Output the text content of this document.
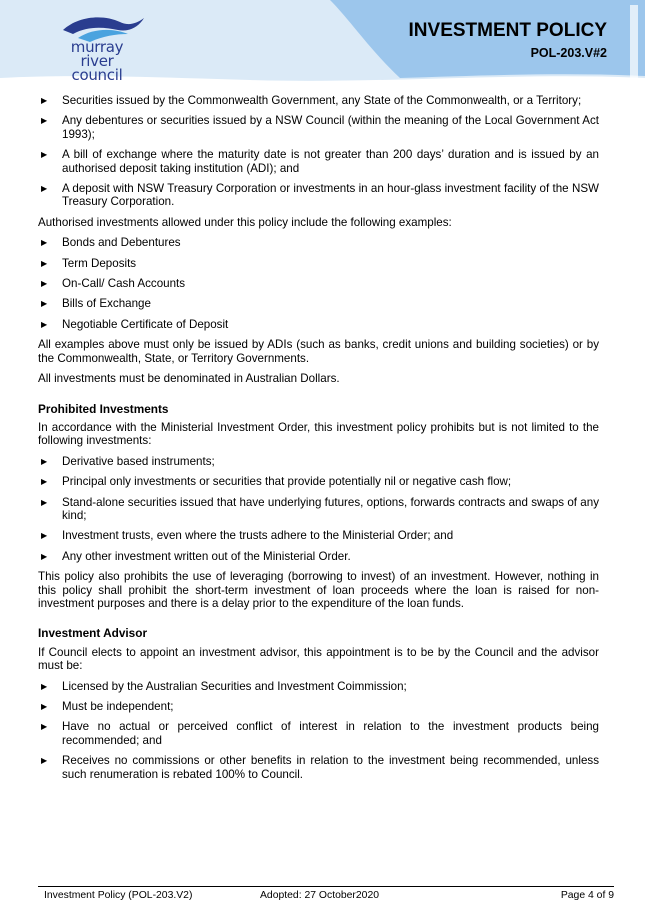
murray river
council
INVESTMENT POLICY
POL-203.V#2
▶ Securities issued by the Commonwealth Government, any State of the Commonwealth, or a Territory;
▶ Any debentures or securities issued by a NSW Council (within the meaning of the Local Government Act 1993);
▶ A bill of exchange where the maturity date is not greater than 200 days’ duration and is issued by an authorised deposit taking institution (ADI); and
▶ A deposit with NSW Treasury Corporation or investments in an hour-glass investment facility of the NSW Treasury Corporation.

Authorised investments allowed under this policy include the following examples:

▶ Bonds and Debentures
▶ Term Deposits
▶ On-Call/ Cash Accounts
▶ Bills of Exchange
▶ Negotiable Certificate of Deposit

All examples above must only be issued by ADIs (such as banks, credit unions and building societies) or by the Commonwealth, State, or Territory Governments.

All investments must be denominated in Australian Dollars.

Prohibited Investments

In accordance with the Ministerial Investment Order, this investment policy prohibits but is not limited to the following investments:

▶ Derivative based instruments;
▶ Principal only investments or securities that provide potentially nil or negative cash flow;
▶ Stand-alone securities issued that have underlying futures, options, forwards contracts and swaps of any kind;
▶ Investment trusts, even where the trusts adhere to the Ministerial Order; and
▶ Any other investment written out of the Ministerial Order.

This policy also prohibits the use of leveraging (borrowing to invest) of an investment. However, nothing in this policy shall prohibit the short-term investment of loan proceeds where the loan is raised for non-investment purposes and there is a delay prior to the expenditure of the loan funds.

Investment Advisor

If Council elects to appoint an investment advisor, this appointment is to be by the Council and the advisor must be:

▶ Licensed by the Australian Securities and Investment Coimmission;
▶ Must be independent;
▶ Have no actual or perceived conflict of interest in relation to the investment products being recommended; and
▶ Receives no commissions or other benefits in relation to the investment being recommended, unless such renumeration is rebated 100% to Council.
Investment Policy (POL-203.V2)	Adopted: 27 October2020	Page 4 of 9
